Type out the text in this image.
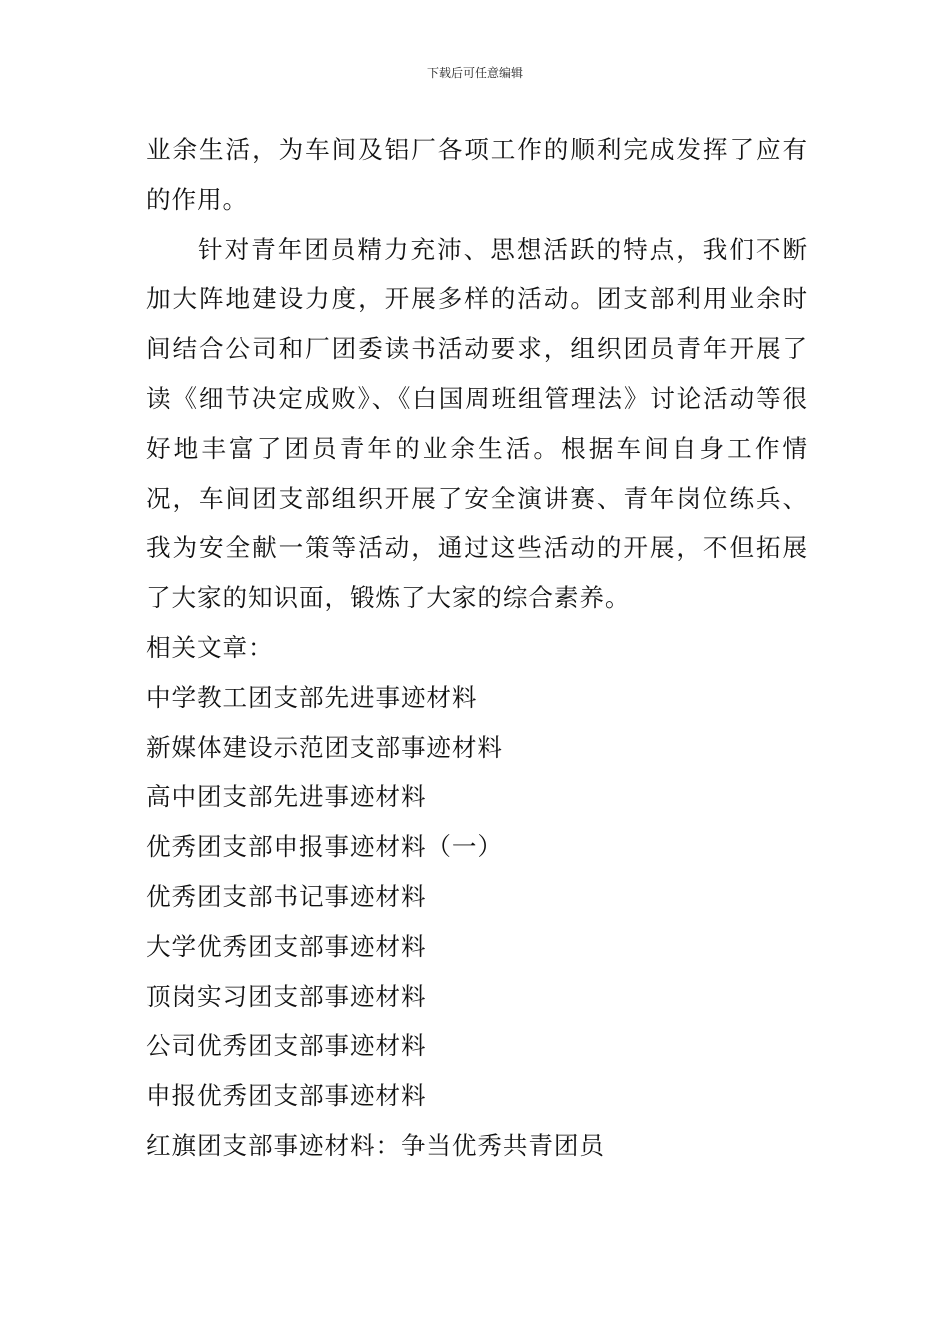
下载后可任意编辑

业余生活，为车间及铝厂各项工作的顺利完成发挥了应有的作用。

针对青年团员精力充沛、思想活跃的特点，我们不断加大阵地建设力度，开展多样的活动。团支部利用业余时间结合公司和厂团委读书活动要求，组织团员青年开展了读《细节决定成败》、《白国周班组管理法》讨论活动等很好地丰富了团员青年的业余生活。根据车间自身工作情况，车间团支部组织开展了安全演讲赛、青年岗位练兵、我为安全献一策等活动，通过这些活动的开展，不但拓展了大家的知识面，锻炼了大家的综合素养。

相关文章：

中学教工团支部先进事迹材料
新媒体建设示范团支部事迹材料
高中团支部先进事迹材料
优秀团支部申报事迹材料（一）
优秀团支部书记事迹材料
大学优秀团支部事迹材料
顶岗实习团支部事迹材料
公司优秀团支部事迹材料
申报优秀团支部事迹材料
红旗团支部事迹材料：争当优秀共青团员
